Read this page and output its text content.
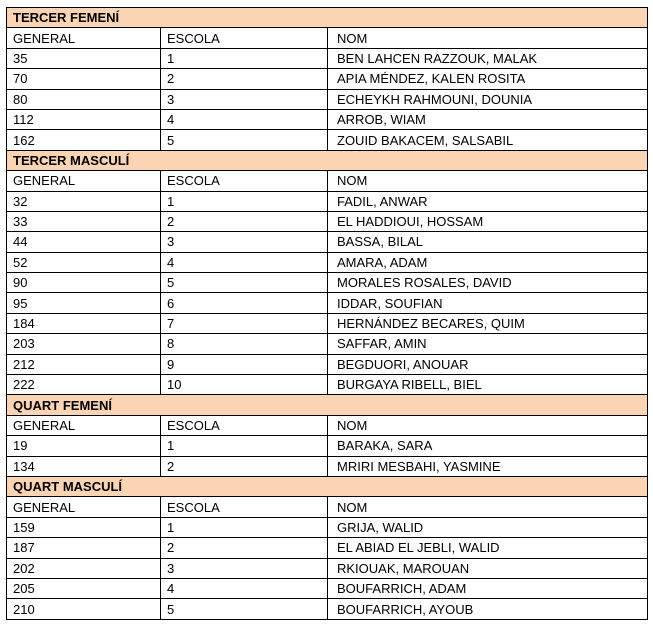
TERCER FEMENÍ		
GENERAL	ESCOLA	NOM
35	1	BEN LAHCEN RAZZOUK, MALAK
70	2	APIA MÉNDEZ, KALEN ROSITA
80	3	ECHEYKH RAHMOUNI, DOUNIA
112	4	ARROB, WIAM
162	5	ZOUID BAKACEM, SALSABIL
TERCER MASCULÍ		
GENERAL	ESCOLA	NOM
32	1	FADIL, ANWAR
33	2	EL HADDIOUI, HOSSAM
44	3	BASSA, BILAL
52	4	AMARA, ADAM
90	5	MORALES ROSALES, DAVID
95	6	IDDAR, SOUFIAN
184	7	HERNÁNDEZ BECARES, QUIM
203	8	SAFFAR, AMIN
212	9	BEGDUORI, ANOUAR
222	10	BURGAYA RIBELL, BIEL
QUART FEMENÍ		
GENERAL	ESCOLA	NOM
19	1	BARAKA, SARA
134	2	MRIRI MESBAHI, YASMINE
QUART MASCULÍ		
GENERAL	ESCOLA	NOM
159	1	GRIJA, WALID
187	2	EL ABIAD EL JEBLI, WALID
202	3	RKIOUAK, MAROUAN
205	4	BOUFARRICH, ADAM
210	5	BOUFARRICH, AYOUB
